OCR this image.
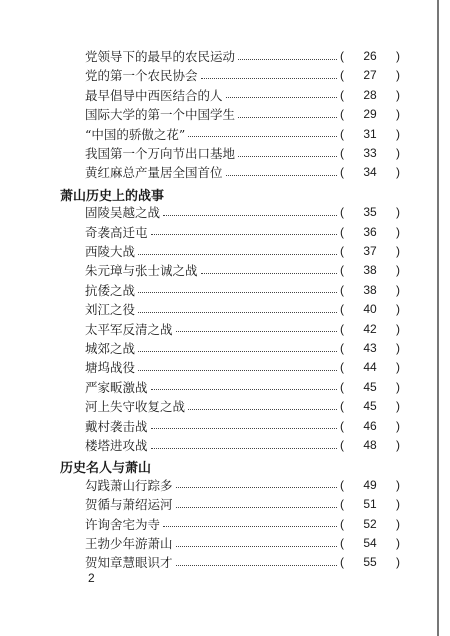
党领导下的最早的农民运动	(	26	)
党的第一个农民协会	(	27	)
最早倡导中西医结合的人	(	28	)
国际大学的第一个中国学生	(	29	)
“中国的骄傲之花”	(	31	)
我国第一个万向节出口基地	(	33	)
黄红麻总产量居全国首位	(	34	)
萧山历史上的战事
固陵吴越之战	(	35	)
奇袭高迁屯	(	36	)
西陵大战	(	37	)
朱元璋与张士诚之战	(	38	)
抗倭之战	(	38	)
刘江之役	(	40	)
太平军反清之战	(	42	)
城郊之战	(	43	)
塘坞战役	(	44	)
严家畈激战	(	45	)
河上失守收复之战	(	45	)
戴村袭击战	(	46	)
楼塔进攻战	(	48	)
历史名人与萧山
勾践萧山行踪多	(	49	)
贺循与萧绍运河	(	51	)
许询舍宅为寺	(	52	)
王勃少年游萧山	(	54	)
贺知章慧眼识才	(	55	)
2
